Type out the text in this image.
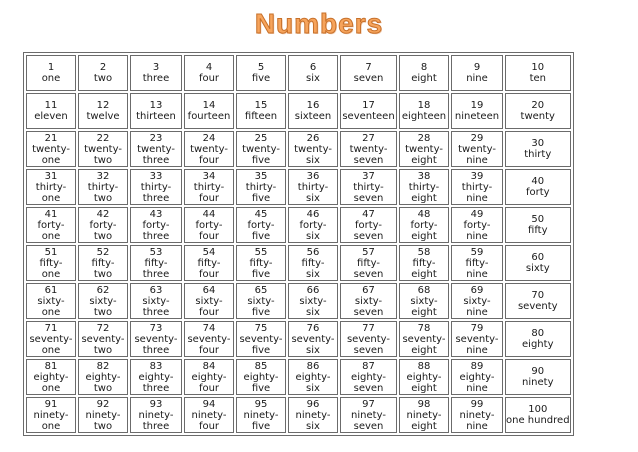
Numbers
1
one	2
two	3
three	4
four	5
five	6
six	7
seven	8
eight	9
nine	10
ten

11
eleven	12
twelve	13
thirteen	14
fourteen	15
fifteen	16
sixteen	17
seventeen	18
eighteen	19
nineteen	20
twenty

21
twenty-
one	22
twenty-
two	23
twenty-
three	24
twenty-
four	25
twenty-
five	26
twenty-
six	27
twenty-
seven	28
twenty-
eight	29
twenty-
nine	30
thirty

31
thirty-
one	32
thirty-
two	33
thirty-
three	34
thirty-
four	35
thirty-
five	36
thirty-
six	37
thirty-
seven	38
thirty-
eight	39
thirty-
nine	40
forty

41
forty-
one	42
forty-
two	43
forty-
three	44
forty-
four	45
forty-
five	46
forty-
six	47
forty-
seven	48
forty-
eight	49
forty-
nine	50
fifty

51
fifty-
one	52
fifty-
two	53
fifty-
three	54
fifty-
four	55
fifty-
five	56
fifty-
six	57
fifty-
seven	58
fifty-
eight	59
fifty-
nine	60
sixty

61
sixty-
one	62
sixty-
two	63
sixty-
three	64
sixty-
four	65
sixty-
five	66
sixty-
six	67
sixty-
seven	68
sixty-
eight	69
sixty-
nine	70
seventy

71
seventy-
one	72
seventy-
two	73
seventy-
three	74
seventy-
four	75
seventy-
five	76
seventy-
six	77
seventy-
seven	78
seventy-
eight	79
seventy-
nine	80
eighty

81
eighty-
one	82
eighty-
two	83
eighty-
three	84
eighty-
four	85
eighty-
five	86
eighty-
six	87
eighty-
seven	88
eighty-
eight	89
eighty-
nine	90
ninety

91
ninety-
one	92
ninety-
two	93
ninety-
three	94
ninety-
four	95
ninety-
five	96
ninety-
six	97
ninety-
seven	98
ninety-
eight	99
ninety-
nine	100
one hundred
